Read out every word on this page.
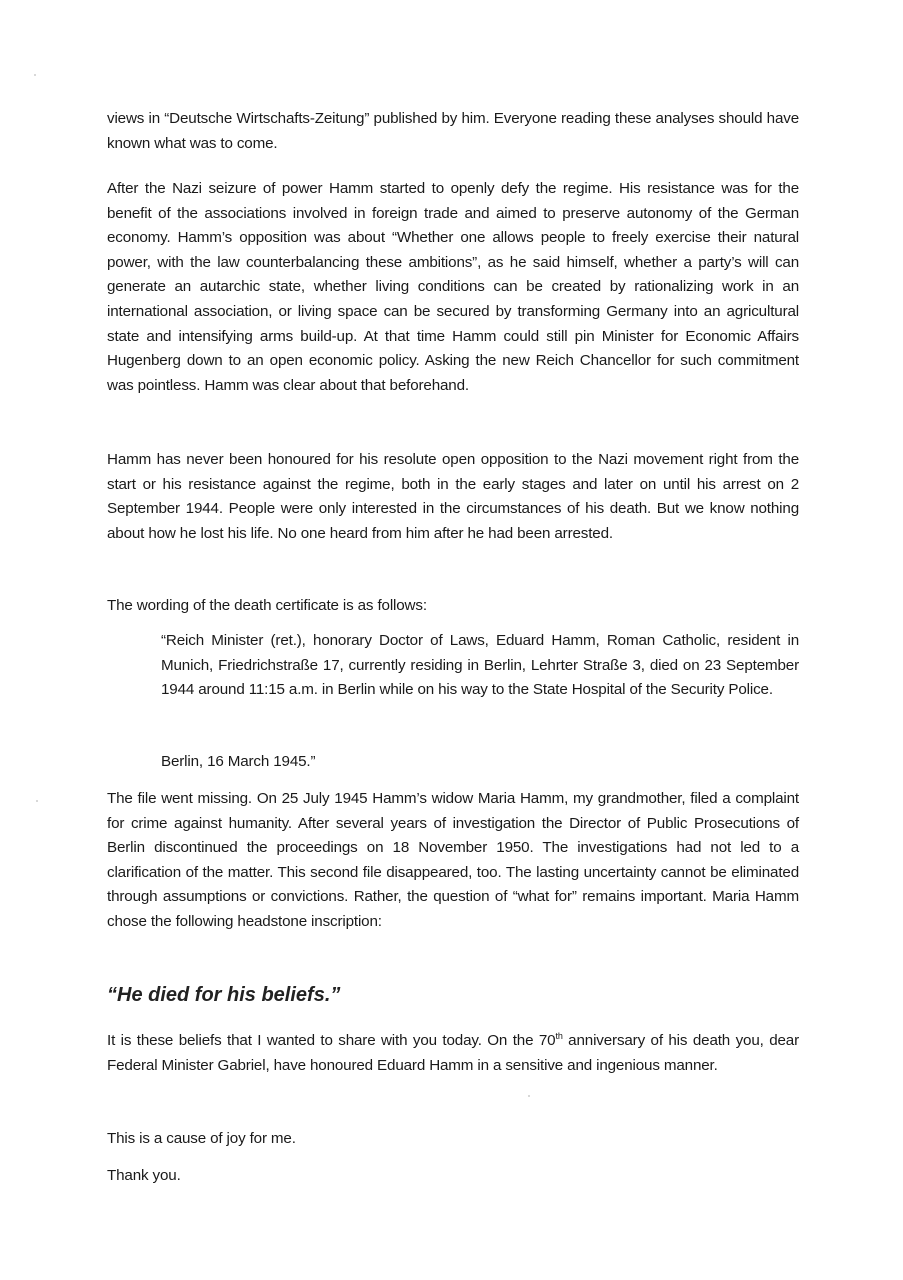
views in “Deutsche Wirtschafts-Zeitung” published by him. Everyone reading these analyses should have known what was to come.

After the Nazi seizure of power Hamm started to openly defy the regime. His resistance was for the benefit of the associations involved in foreign trade and aimed to preserve autonomy of the German economy. Hamm’s opposition was about “Whether one allows people to freely exercise their natural power, with the law counterbalancing these ambitions”, as he said himself, whether a party’s will can generate an autarchic state, whether living conditions can be created by rationalizing work in an international association, or living space can be secured by transforming Germany into an agricultural state and intensifying arms build-up. At that time Hamm could still pin Minister for Economic Affairs Hugenberg down to an open economic policy. Asking the new Reich Chancellor for such commitment was pointless. Hamm was clear about that beforehand.

Hamm has never been honoured for his resolute open opposition to the Nazi movement right from the start or his resistance against the regime, both in the early stages and later on until his arrest on 2 September 1944. People were only interested in the circumstances of his death. But we know nothing about how he lost his life. No one heard from him after he had been arrested.

The wording of the death certificate is as follows:

“Reich Minister (ret.), honorary Doctor of Laws, Eduard Hamm, Roman Catholic, resident in Munich, Friedrichstraße 17, currently residing in Berlin, Lehrter Straße 3, died on 23 September 1944 around 11:15 a.m. in Berlin while on his way to the State Hospital of the Security Police.

Berlin, 16 March 1945.”

The file went missing. On 25 July 1945 Hamm’s widow Maria Hamm, my grandmother, filed a complaint for crime against humanity. After several years of investigation the Director of Public Prosecutions of Berlin discontinued the proceedings on 18 November 1950. The investigations had not led to a clarification of the matter. This second file disappeared, too. The lasting uncertainty cannot be eliminated through assumptions or convictions. Rather, the question of “what for” remains important. Maria Hamm chose the following headstone inscription:

“He died for his beliefs.”

It is these beliefs that I wanted to share with you today. On the 70th anniversary of his death you, dear Federal Minister Gabriel, have honoured Eduard Hamm in a sensitive and ingenious manner.

This is a cause of joy for me.

Thank you.
